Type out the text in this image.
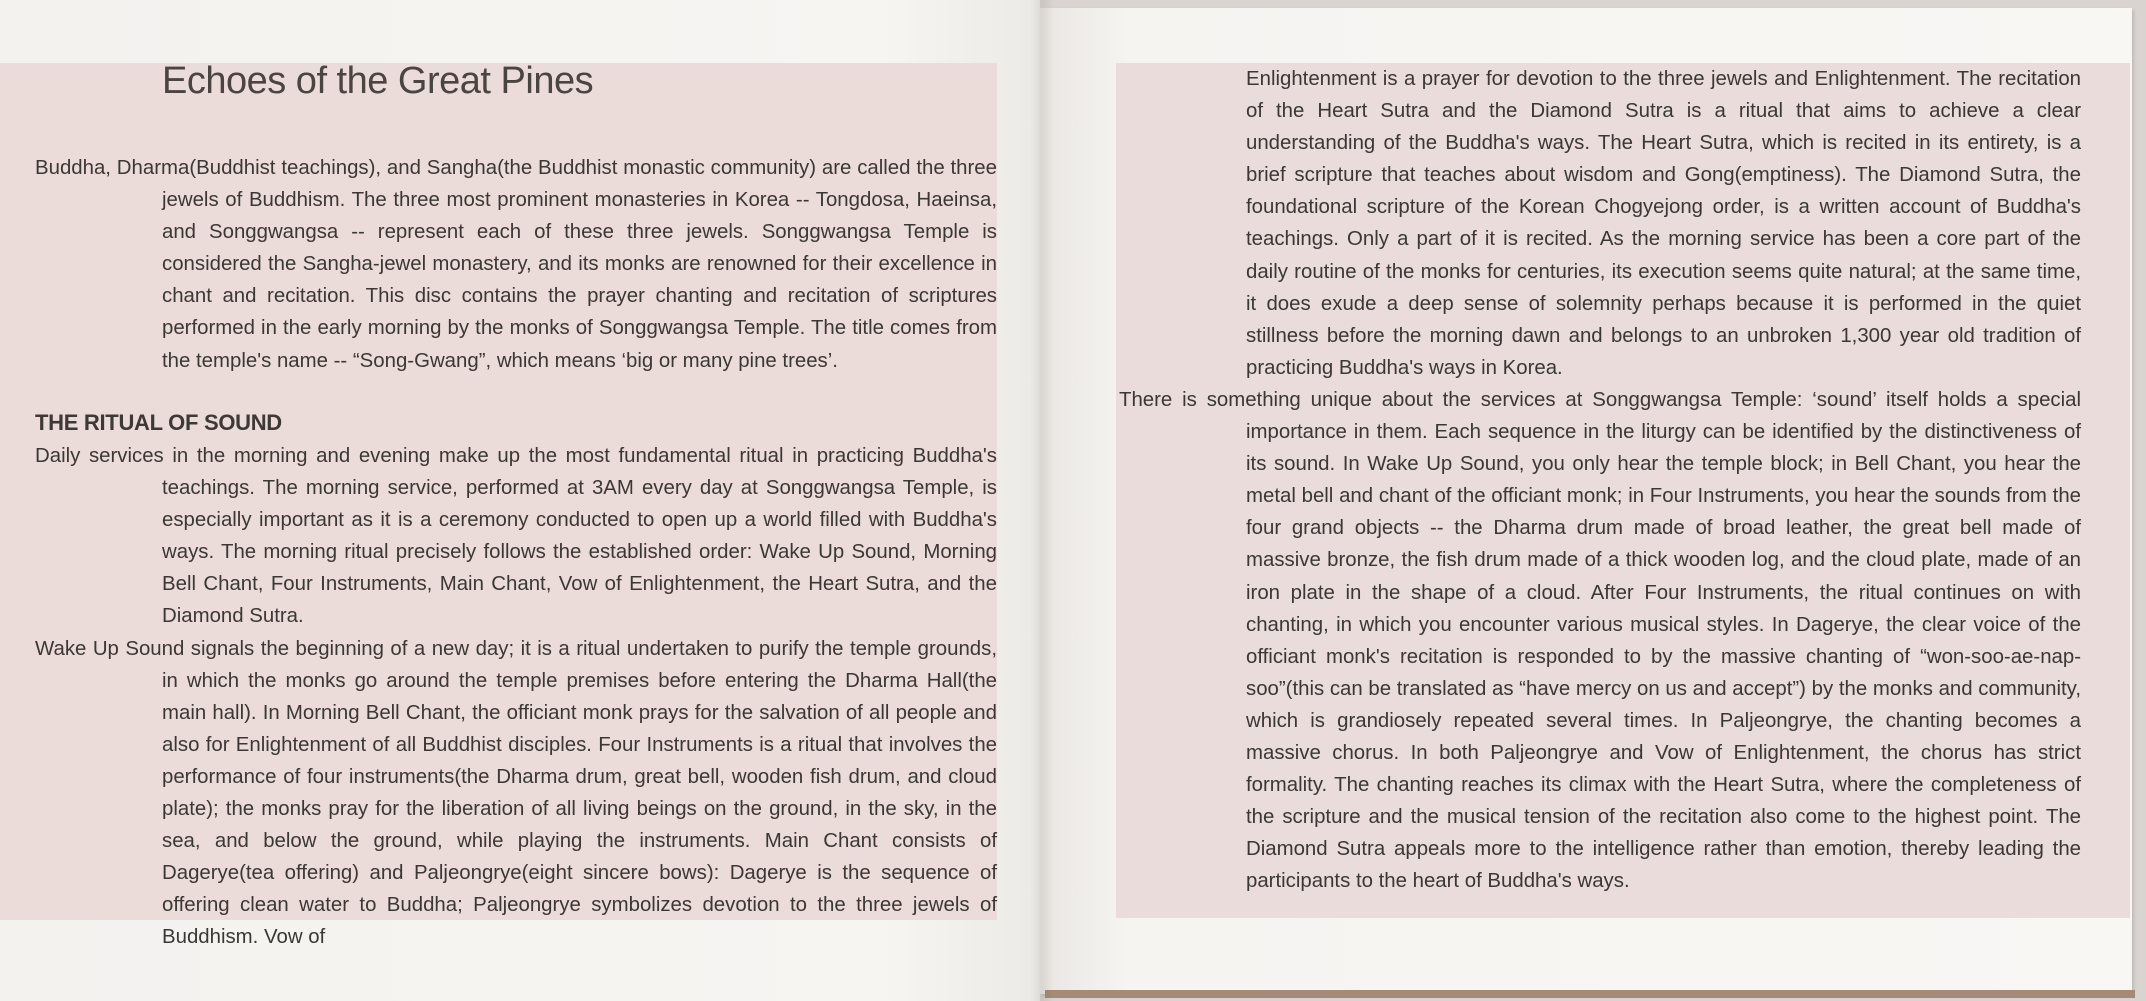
Echoes of the Great Pines

Buddha, Dharma(Buddhist teachings), and Sangha(the Buddhist monastic community) are called the three jewels of Buddhism. The three most prominent monasteries in Korea -- Tongdosa, Haeinsa, and Songgwangsa -- represent each of these three jewels. Songgwangsa Temple is considered the Sangha-jewel monastery, and its monks are renowned for their excellence in chant and recitation. This disc contains the prayer chanting and recitation of scriptures performed in the early morning by the monks of Songgwangsa Temple. The title comes from the temple's name -- “Song-Gwang”, which means ‘big or many pine trees’.

THE RITUAL OF SOUND

Daily services in the morning and evening make up the most fundamental ritual in practicing Buddha's teachings. The morning service, performed at 3AM every day at Songgwangsa Temple, is especially important as it is a ceremony conducted to open up a world filled with Buddha's ways. The morning ritual precisely follows the established order: Wake Up Sound, Morning Bell Chant, Four Instruments, Main Chant, Vow of Enlightenment, the Heart Sutra, and the Diamond Sutra.

Wake Up Sound signals the beginning of a new day; it is a ritual undertaken to purify the temple grounds, in which the monks go around the temple premises before entering the Dharma Hall(the main hall). In Morning Bell Chant, the officiant monk prays for the salvation of all people and also for Enlightenment of all Buddhist disciples. Four Instruments is a ritual that involves the performance of four instruments(the Dharma drum, great bell, wooden fish drum, and cloud plate); the monks pray for the liberation of all living beings on the ground, in the sky, in the sea, and below the ground, while playing the instruments. Main Chant consists of Dagerye(tea offering) and Paljeongrye(eight sincere bows): Dagerye is the sequence of offering clean water to Buddha; Paljeongrye symbolizes devotion to the three jewels of Buddhism. Vow of

Enlightenment is a prayer for devotion to the three jewels and Enlightenment. The recitation of the Heart Sutra and the Diamond Sutra is a ritual that aims to achieve a clear understanding of the Buddha's ways. The Heart Sutra, which is recited in its entirety, is a brief scripture that teaches about wisdom and Gong(emptiness). The Diamond Sutra, the foundational scripture of the Korean Chogyejong order, is a written account of Buddha's teachings. Only a part of it is recited. As the morning service has been a core part of the daily routine of the monks for centuries, its execution seems quite natural; at the same time, it does exude a deep sense of solemnity perhaps because it is performed in the quiet stillness before the morning dawn and belongs to an unbroken 1,300 year old tradition of practicing Buddha's ways in Korea.

There is something unique about the services at Songgwangsa Temple: ‘sound’ itself holds a special importance in them. Each sequence in the liturgy can be identified by the distinctiveness of its sound. In Wake Up Sound, you only hear the temple block; in Bell Chant, you hear the metal bell and chant of the officiant monk; in Four Instruments, you hear the sounds from the four grand objects -- the Dharma drum made of broad leather, the great bell made of massive bronze, the fish drum made of a thick wooden log, and the cloud plate, made of an iron plate in the shape of a cloud. After Four Instruments, the ritual continues on with chanting, in which you encounter various musical styles. In Dagerye, the clear voice of the officiant monk's recitation is responded to by the massive chanting of “won-soo-ae-nap-soo”(this can be translated as “have mercy on us and accept”) by the monks and community, which is grandiosely repeated several times. In Paljeongrye, the chanting becomes a massive chorus. In both Paljeongrye and Vow of Enlightenment, the chorus has strict formality. The chanting reaches its climax with the Heart Sutra, where the completeness of the scripture and the musical tension of the recitation also come to the highest point. The Diamond Sutra appeals more to the intelligence rather than emotion, thereby leading the participants to the heart of Buddha's ways.
